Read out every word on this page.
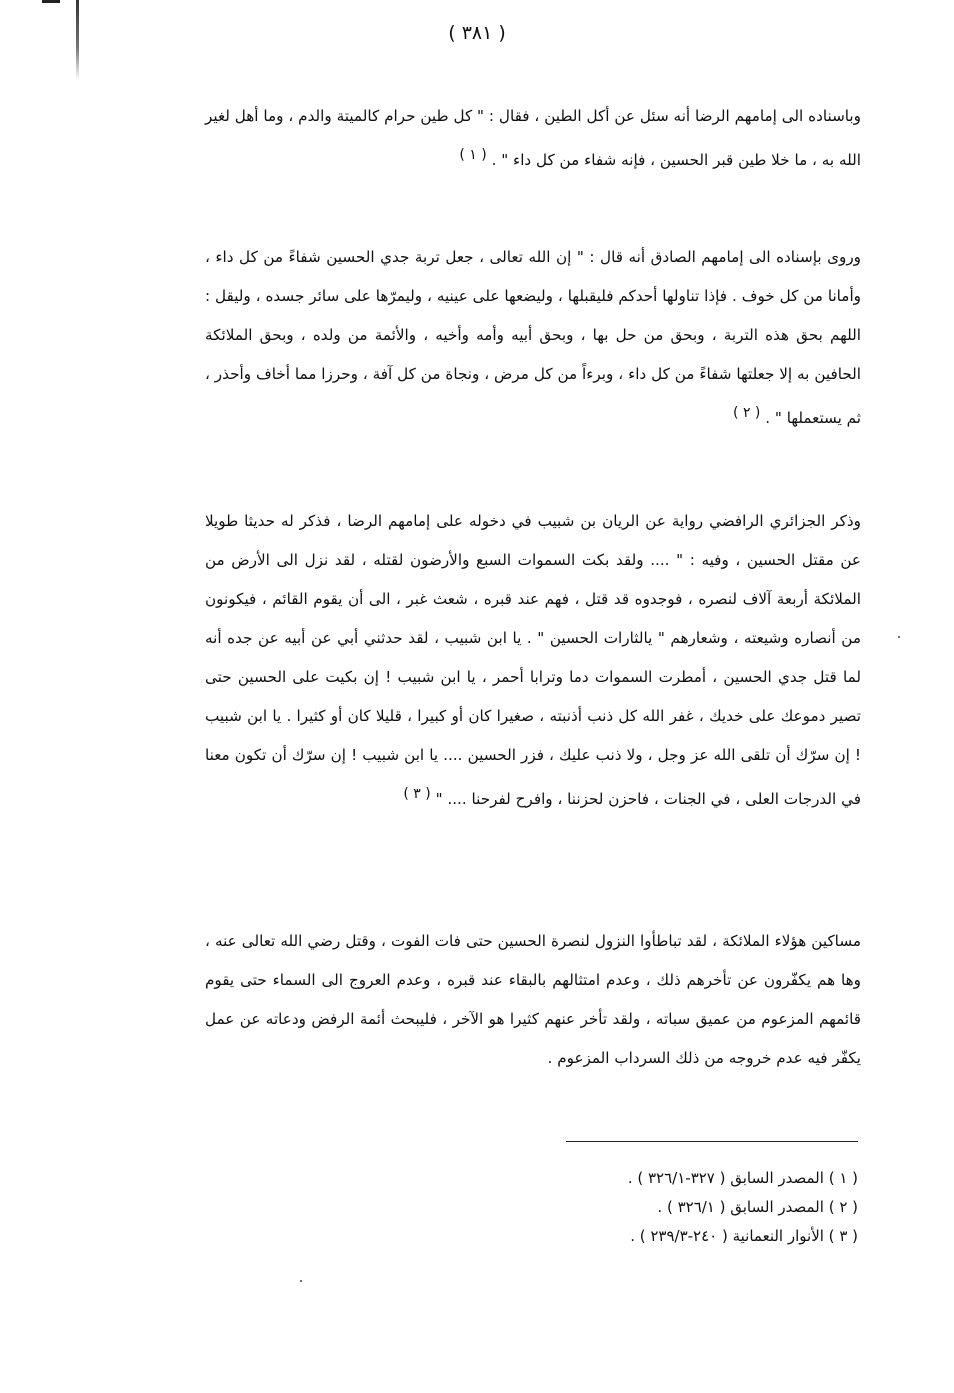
( ٣٨١ )

وباسناده الى إمامهم الرضا أنه سئل عن أكل الطين ، فقال : " كل طين حرام كالميتة والدم ، وما أهل لغير الله به ، ما خلا طين قبر الحسين ، فإنه شفاء من كل داء " . ( ١ )

وروى بإسناده الى إمامهم الصادق أنه قال : " إن الله تعالى ، جعل تربة جدي الحسين شفاءً من كل داء ، وأمانا من كل خوف . فإذا تناولها أحدكم فليقبلها ، وليضعها على عينيه ، وليمرّها على سائر جسده ، وليقل : اللهم بحق هذه التربة ، وبحق من حل بها ، وبحق أبيه وأمه وأخيه ، والأئمة من ولده ، وبحق الملائكة الحافين به إلا جعلتها شفاءً من كل داء ، وبرءاً من كل مرض ، ونجاة من كل آفة ، وحرزا مما أخاف وأحذر ، ثم يستعملها " . ( ٢ )

وذكر الجزائري الرافضي رواية عن الريان بن شبيب في دخوله على إمامهم الرضا ، فذكر له حديثا طويلا عن مقتل الحسين ، وفيه : " .... ولقد بكت السموات السبع والأرضون لقتله ، لقد نزل الى الأرض من الملائكة أربعة آلاف لنصره ، فوجدوه قد قتل ، فهم عند قبره ، شعث غبر ، الى أن يقوم القائم ، فيكونون من أنصاره وشيعته ، وشعارهم " يالثارات الحسين " . يا ابن شبيب ، لقد حدثني أبي عن أبيه عن جده أنه لما قتل جدي الحسين ، أمطرت السموات دما وترابا أحمر ، يا ابن شبيب ! إن بكيت على الحسين حتى تصير دموعك على خديك ، غفر الله كل ذنب أذنبته ، صغيرا كان أو كبيرا ، قليلا كان أو كثيرا . يا ابن شبيب ! إن سرّك أن تلقى الله عز وجل ، ولا ذنب عليك ، فزر الحسين .... يا ابن شبيب ! إن سرّك أن تكون معنا في الدرجات العلى ، في الجنات ، فاحزن لحزننا ، وافرح لفرحنا .... " ( ٣ )

مساكين هؤلاء الملائكة ، لقد تباطأوا النزول لنصرة الحسين حتى فات الفوت ، وقتل رضي الله تعالى عنه ، وها هم يكفّرون عن تأخرهم ذلك ، وعدم امتثالهم بالبقاء عند قبره ، وعدم العروج الى السماء حتى يقوم قائمهم المزعوم من عميق سباته ، ولقد تأخر عنهم كثيرا هو الآخر ، فليبحث أئمة الرفض ودعاته عن عمل يكفّر فيه عدم خروجه من ذلك السرداب المزعوم .

( ١ ) المصدر السابق ( ٣٢٧-٣٢٦/١ ) .
( ٢ ) المصدر السابق ( ٣٢٦/١ ) .
( ٣ ) الأنوار النعمانية ( ٢٤٠-٢٣٩/٣ ) .
